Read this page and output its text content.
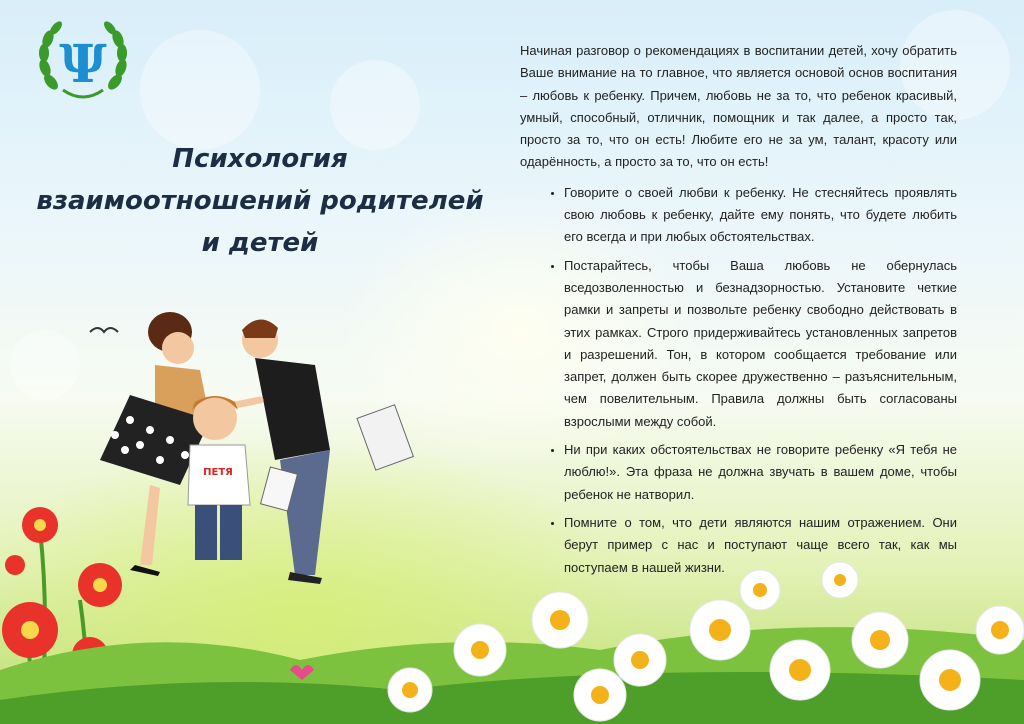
Ψ
Психология
взаимоотношений родителей
и детей
ПЕТЯ

Начиная разговор о рекомендациях в воспитании детей, хочу обратить Ваше внимание на то главное, что является основой основ воспитания – любовь к ребенку. Причем, любовь не за то, что ребенок красивый, умный, способный, отличник, помощник и так далее, а просто так, просто за то, что он есть! Любите его не за ум, талант, красоту или одарённость, а просто за то, что он есть!

• Говорите о своей любви к ребенку. Не стесняйтесь проявлять свою любовь к ребенку, дайте ему понять, что будете любить его всегда и при любых обстоятельствах.
• Постарайтесь, чтобы Ваша любовь не обернулась вседозволенностью и безнадзорностью. Установите четкие рамки и запреты и позвольте ребенку свободно действовать в этих рамках. Строго придерживайтесь установленных запретов и разрешений. Тон, в котором сообщается требование или запрет, должен быть скорее дружественно – разъяснительным, чем повелительным. Правила должны быть согласованы взрослыми между собой.
• Ни при каких обстоятельствах не говорите ребенку «Я тебя не люблю!». Эта фраза не должна звучать в вашем доме, чтобы ребенок не натворил.
• Помните о том, что дети являются нашим отражением. Они берут пример с нас и поступают чаще всего так, как мы поступаем в нашей жизни.
